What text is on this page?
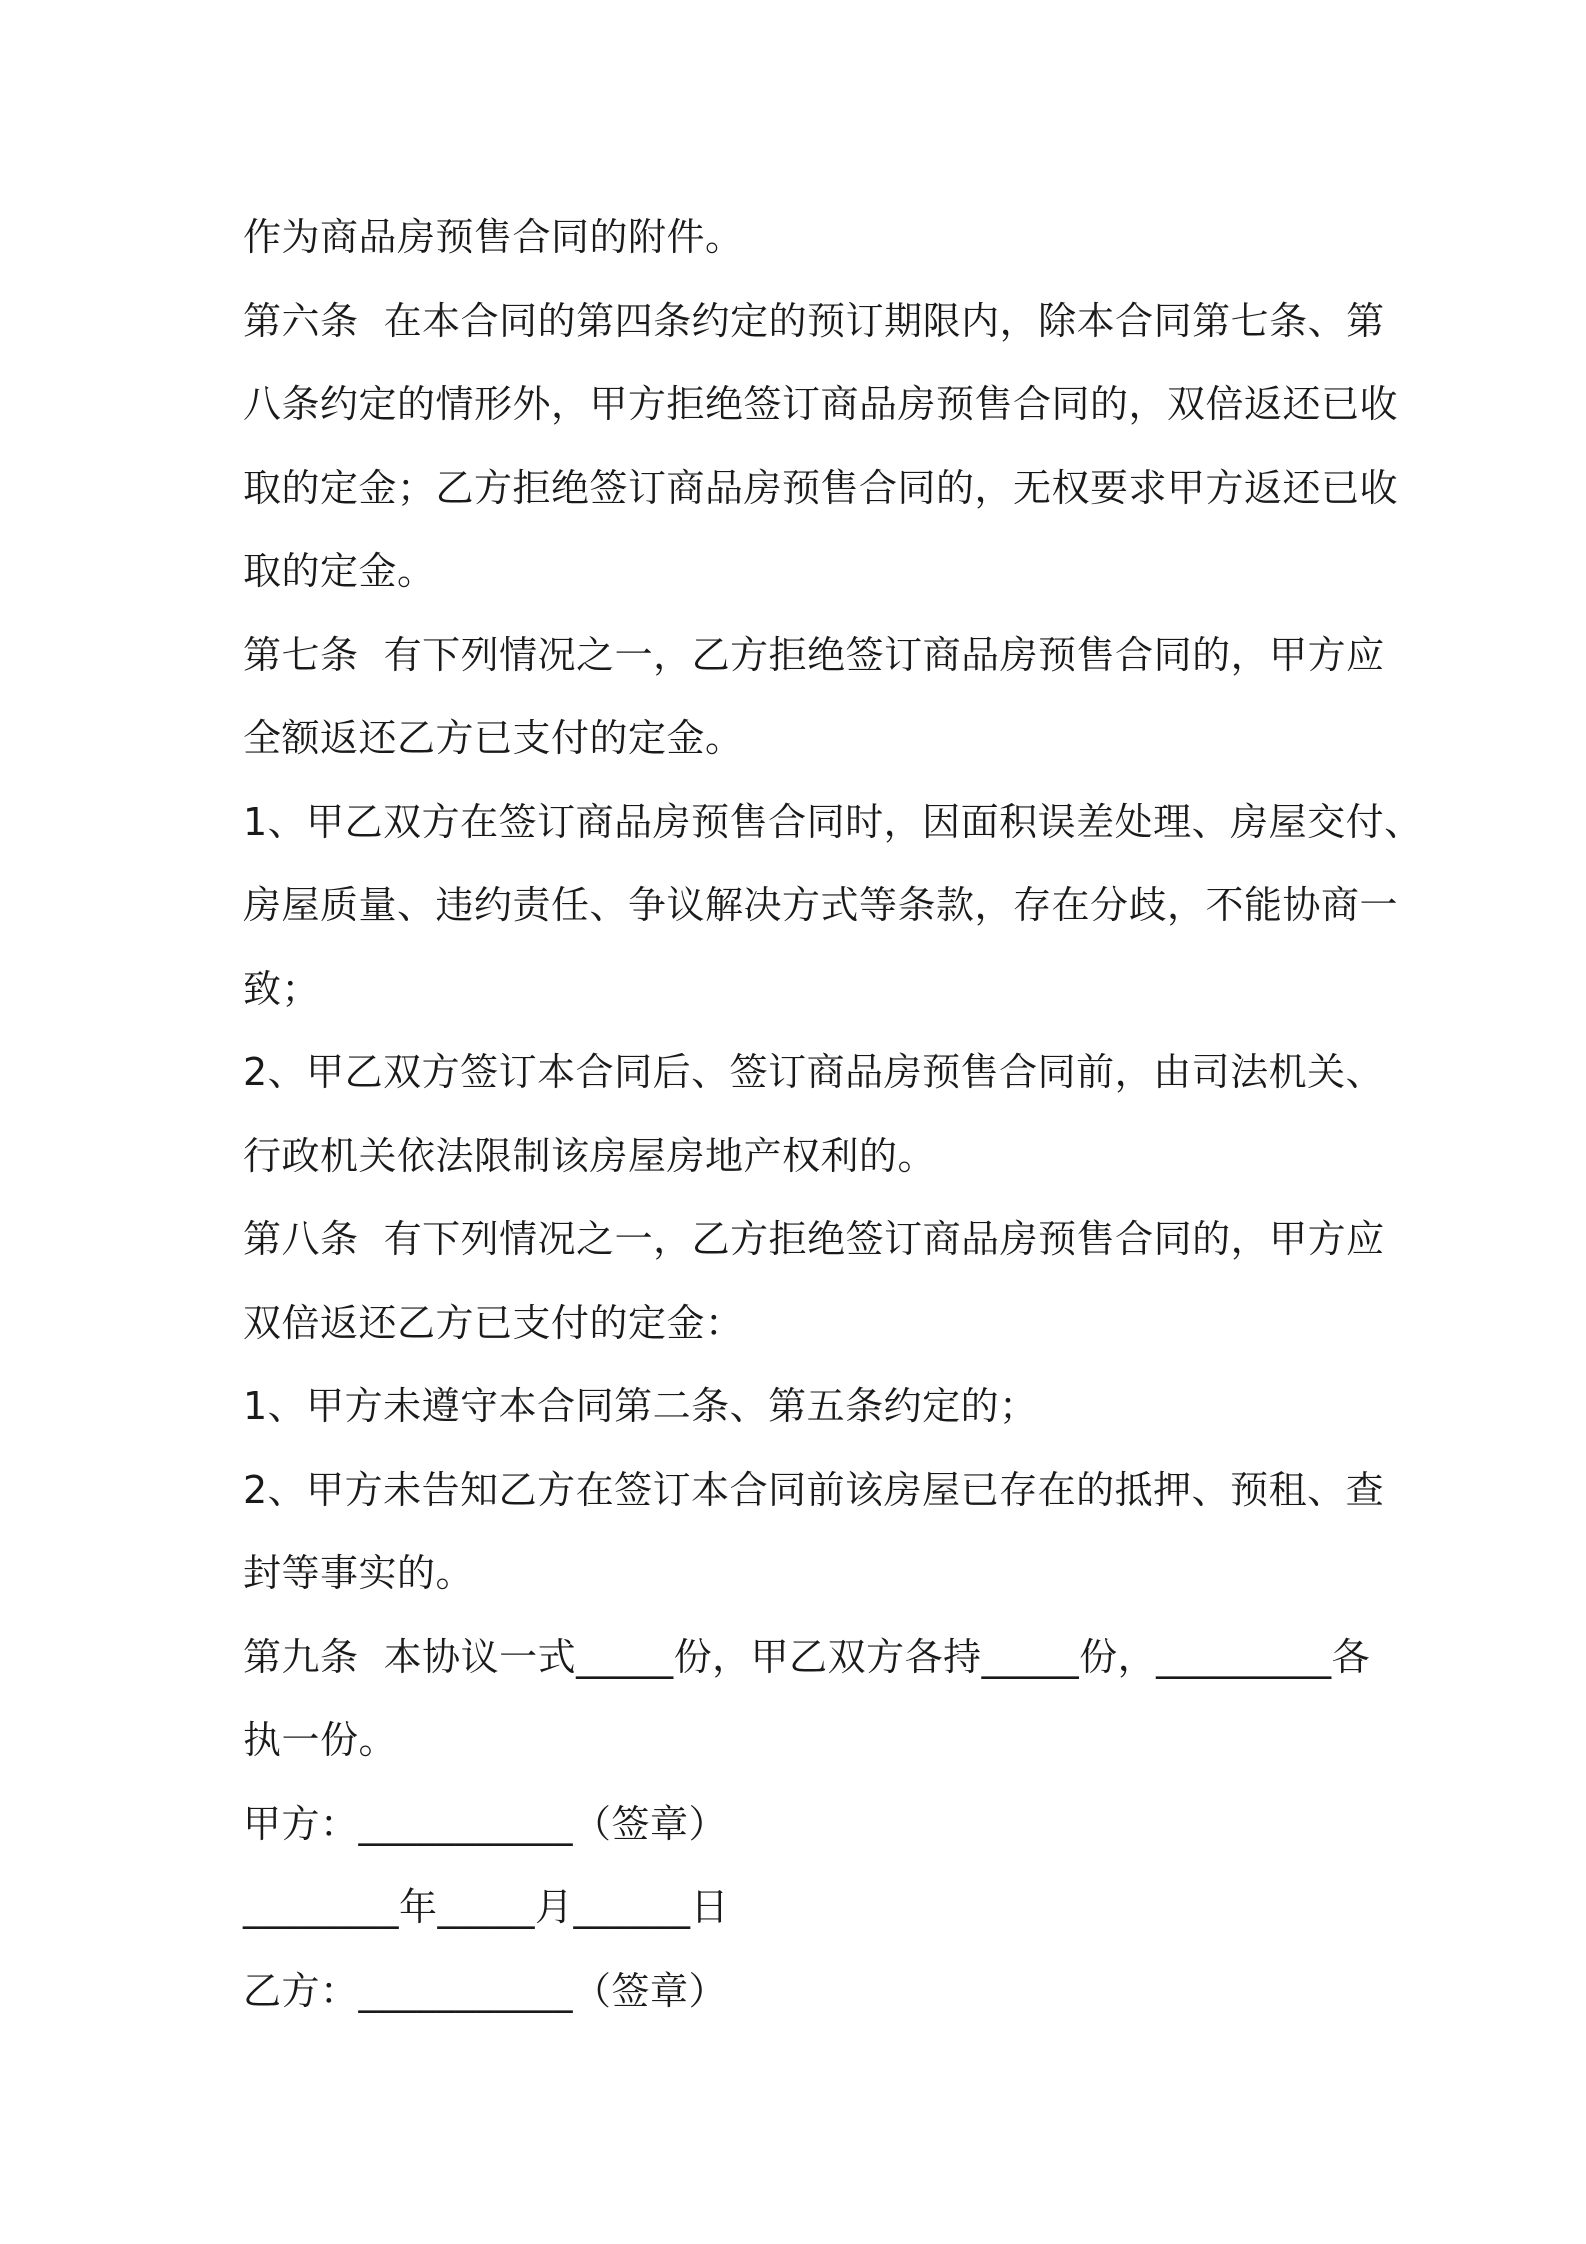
作为商品房预售合同的附件。
第六条  在本合同的第四条约定的预订期限内，除本合同第七条、第
八条约定的情形外，甲方拒绝签订商品房预售合同的，双倍返还已收
取的定金；乙方拒绝签订商品房预售合同的，无权要求甲方返还已收
取的定金。
第七条  有下列情况之一，乙方拒绝签订商品房预售合同的，甲方应
全额返还乙方已支付的定金。
1、甲乙双方在签订商品房预售合同时，因面积误差处理、房屋交付、
房屋质量、违约责任、争议解决方式等条款，存在分歧，不能协商一
致；
2、甲乙双方签订本合同后、签订商品房预售合同前，由司法机关、
行政机关依法限制该房屋房地产权利的。
第八条  有下列情况之一，乙方拒绝签订商品房预售合同的，甲方应
双倍返还乙方已支付的定金：
1、甲方未遵守本合同第二条、第五条约定的；
2、甲方未告知乙方在签订本合同前该房屋已存在的抵押、预租、查
封等事实的。
第九条  本协议一式_____份，甲乙双方各持_____份，_________各
执一份。
甲方：___________（签章）
________年_____月______日
乙方：___________（签章）
